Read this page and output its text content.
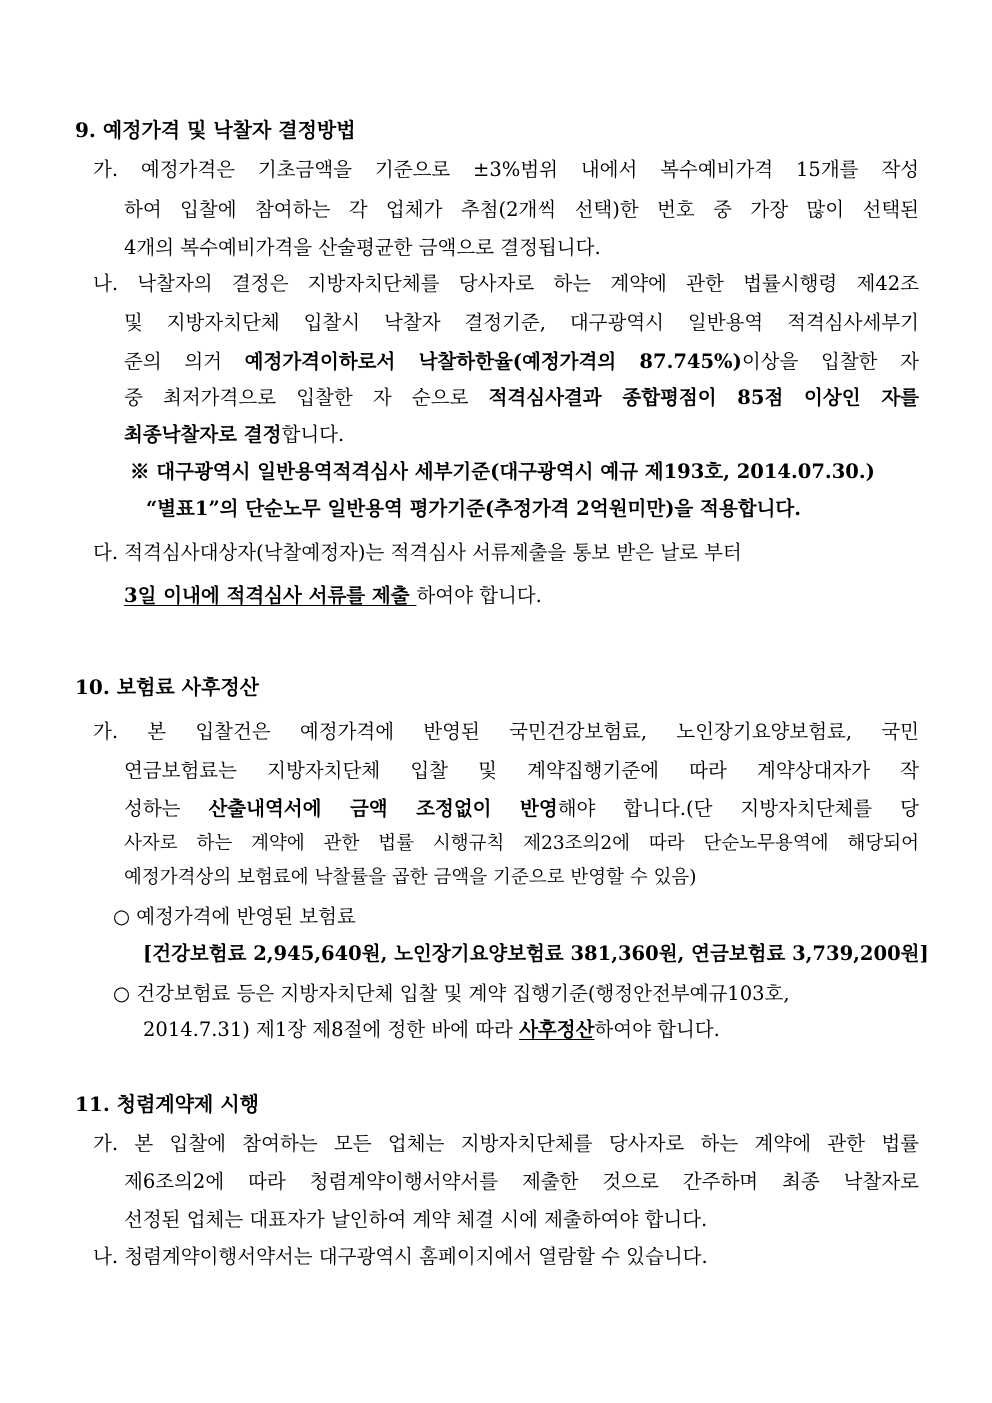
9. 예정가격 및 낙찰자 결정방법
가. 예정가격은 기초금액을 기준으로 ±3%범위 내에서 복수예비가격 15개를 작성
하여 입찰에 참여하는 각 업체가 추첨(2개씩 선택)한 번호 중 가장 많이 선택된
4개의 복수예비가격을 산술평균한 금액으로 결정됩니다.
나. 낙찰자의 결정은 지방자치단체를 당사자로 하는 계약에 관한 법률시행령 제42조
및 지방자치단체 입찰시 낙찰자 결정기준, 대구광역시 일반용역 적격심사세부기
준의 의거 예정가격이하로서 낙찰하한율(예정가격의 87.745%)이상을 입찰한 자
중 최저가격으로 입찰한 자 순으로 적격심사결과 종합평점이 85점 이상인 자를
최종낙찰자로 결정합니다.
※ 대구광역시 일반용역적격심사 세부기준(대구광역시 예규 제193호, 2014.07.30.)
“별표1”의 단순노무 일반용역 평가기준(추정가격 2억원미만)을 적용합니다.
다. 적격심사대상자(낙찰예정자)는 적격심사 서류제출을 통보 받은 날로 부터
3일 이내에 적격심사 서류를 제출 하여야 합니다.
10. 보험료 사후정산
가. 본 입찰건은 예정가격에 반영된 국민건강보험료, 노인장기요양보험료, 국민
연금보험료는 지방자치단체 입찰 및 계약집행기준에 따라 계약상대자가 작
성하는 산출내역서에 금액 조정없이 반영해야 합니다.(단 지방자치단체를 당
사자로 하는 계약에 관한 법률 시행규칙 제23조의2에 따라 단순노무용역에 해당되어
예정가격상의 보험료에 낙찰률을 곱한 금액을 기준으로 반영할 수 있음)
○ 예정가격에 반영된 보험료
[건강보험료 2,945,640원, 노인장기요양보험료 381,360원, 연금보험료 3,739,200원]
○ 건강보험료 등은 지방자치단체 입찰 및 계약 집행기준(행정안전부예규103호,
2014.7.31) 제1장 제8절에 정한 바에 따라 사후정산하여야 합니다.
11. 청렴계약제 시행
가. 본 입찰에 참여하는 모든 업체는 지방자치단체를 당사자로 하는 계약에 관한 법률
제6조의2에 따라 청렴계약이행서약서를 제출한 것으로 간주하며 최종 낙찰자로
선정된 업체는 대표자가 날인하여 계약 체결 시에 제출하여야 합니다.
나. 청렴계약이행서약서는 대구광역시 홈페이지에서 열람할 수 있습니다.
